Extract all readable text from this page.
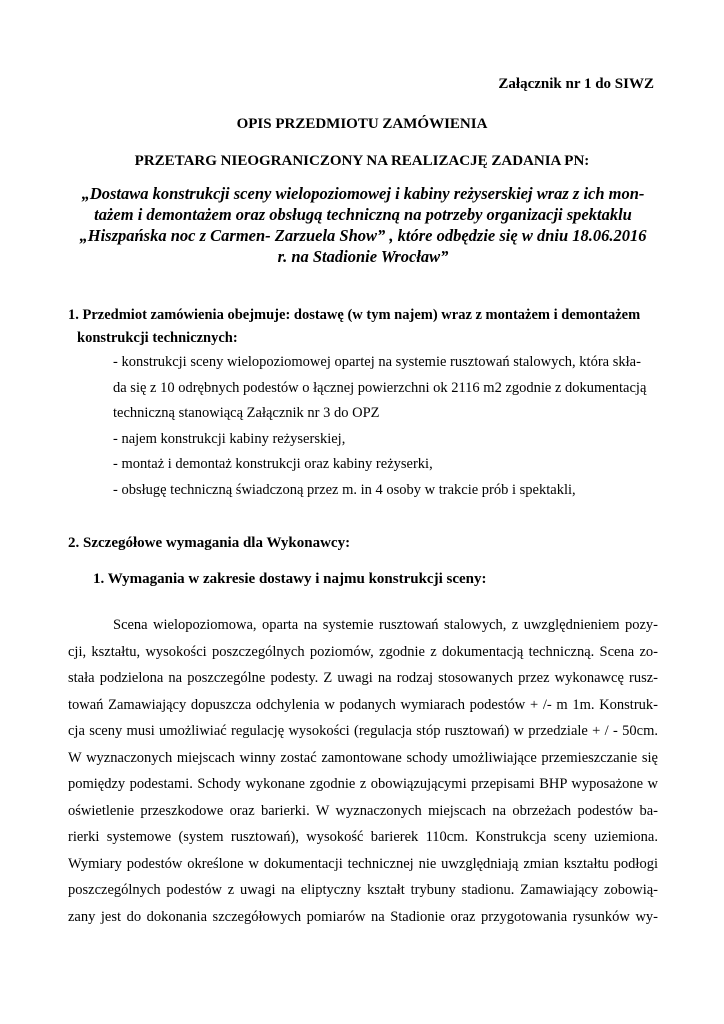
Załącznik nr 1 do SIWZ
OPIS PRZEDMIOTU ZAMÓWIENIA
PRZETARG NIEOGRANICZONY NA REALIZACJĘ ZADANIA PN:
„Dostawa konstrukcji sceny wielopoziomowej i kabiny reżyserskiej wraz z ich mon-
tażem i demontażem oraz obsługą techniczną na potrzeby organizacji spektaklu
„Hiszpańska noc z Carmen- Zarzuela Show” , które odbędzie się w dniu 18.06.2016
r. na Stadionie Wrocław”
1. Przedmiot zamówienia obejmuje: dostawę (w tym najem) wraz z montażem i demontażem
konstrukcji technicznych:

- konstrukcji sceny wielopoziomowej opartej na systemie rusztowań stalowych, która skła-

da się z 10 odrębnych podestów o łącznej powierzchni ok 2116 m2 zgodnie z dokumentacją

techniczną stanowiącą Załącznik nr 3 do OPZ

- najem konstrukcji kabiny reżyserskiej,

- montaż i demontaż konstrukcji oraz kabiny reżyserki,

- obsługę techniczną świadczoną przez m. in 4 osoby w trakcie prób i spektakli,

2. Szczegółowe wymagania dla Wykonawcy:
1. Wymagania w zakresie dostawy i najmu konstrukcji sceny:
Scena wielopoziomowa, oparta na systemie rusztowań stalowych, z uwzględnieniem pozy-
cji, kształtu, wysokości poszczególnych poziomów, zgodnie z dokumentacją techniczną. Scena zo-
stała podzielona na poszczególne podesty. Z uwagi na rodzaj stosowanych przez wykonawcę rusz-
towań Zamawiający dopuszcza odchylenia w podanych wymiarach podestów + /- m 1m. Konstruk-
cja sceny musi umożliwiać regulację wysokości (regulacja stóp rusztowań) w przedziale + / - 50cm.
W wyznaczonych miejscach winny zostać zamontowane schody umożliwiające przemieszczanie się
pomiędzy podestami. Schody wykonane zgodnie z obowiązującymi przepisami BHP wyposażone w
oświetlenie przeszkodowe oraz barierki. W wyznaczonych miejscach na obrzeżach podestów ba-
rierki systemowe (system rusztowań), wysokość barierek 110cm. Konstrukcja sceny uziemiona.
Wymiary podestów określone w dokumentacji technicznej nie uwzględniają zmian kształtu podłogi
poszczególnych podestów z uwagi na eliptyczny kształt trybuny stadionu. Zamawiający zobowią-
zany jest do dokonania szczegółowych pomiarów na Stadionie oraz przygotowania rysunków wy-
